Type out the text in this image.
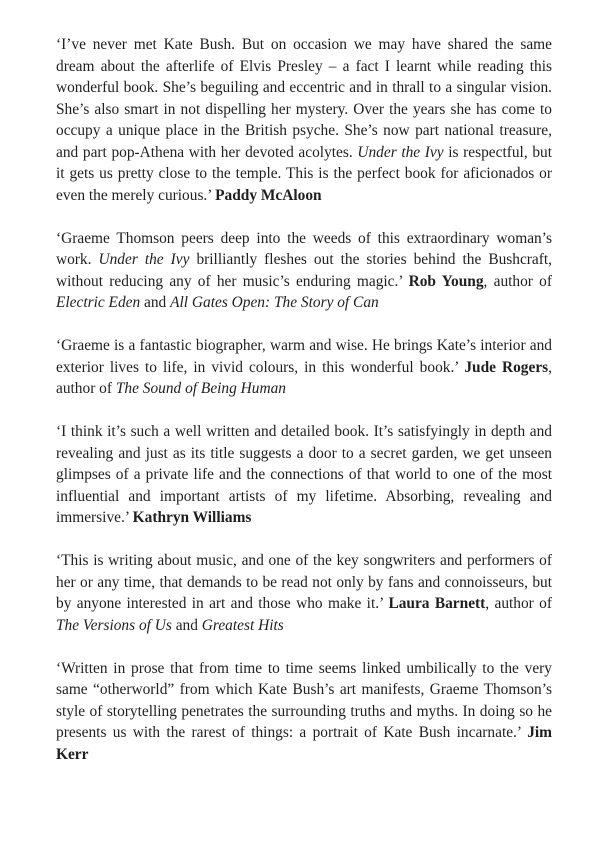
‘I’ve never met Kate Bush. But on occasion we may have shared the same dream about the afterlife of Elvis Presley – a fact I learnt while reading this wonderful book. She’s beguiling and eccentric and in thrall to a singular vision. She’s also smart in not dispelling her mystery. Over the years she has come to occupy a unique place in the British psyche. She’s now part national treasure, and part pop-Athena with her devoted acolytes. Under the Ivy is respectful, but it gets us pretty close to the temple. This is the perfect book for aficionados or even the merely curious.’ Paddy McAloon

‘Graeme Thomson peers deep into the weeds of this extraordinary woman’s work. Under the Ivy brilliantly fleshes out the stories behind the Bushcraft, without reducing any of her music’s enduring magic.’ Rob Young, author of Electric Eden and All Gates Open: The Story of Can

‘Graeme is a fantastic biographer, warm and wise. He brings Kate’s interior and exterior lives to life, in vivid colours, in this wonderful book.’ Jude Rogers, author of The Sound of Being Human

‘I think it’s such a well written and detailed book. It’s satisfyingly in depth and revealing and just as its title suggests a door to a secret garden, we get unseen glimpses of a private life and the connections of that world to one of the most influential and important artists of my lifetime. Absorbing, revealing and immersive.’ Kathryn Williams

‘This is writing about music, and one of the key songwriters and performers of her or any time, that demands to be read not only by fans and connoisseurs, but by anyone interested in art and those who make it.’ Laura Barnett, author of The Versions of Us and Greatest Hits

‘Written in prose that from time to time seems linked umbilically to the very same “otherworld” from which Kate Bush’s art manifests, Graeme Thomson’s style of storytelling penetrates the surrounding truths and myths. In doing so he presents us with the rarest of things: a portrait of Kate Bush incarnate.’ Jim Kerr
